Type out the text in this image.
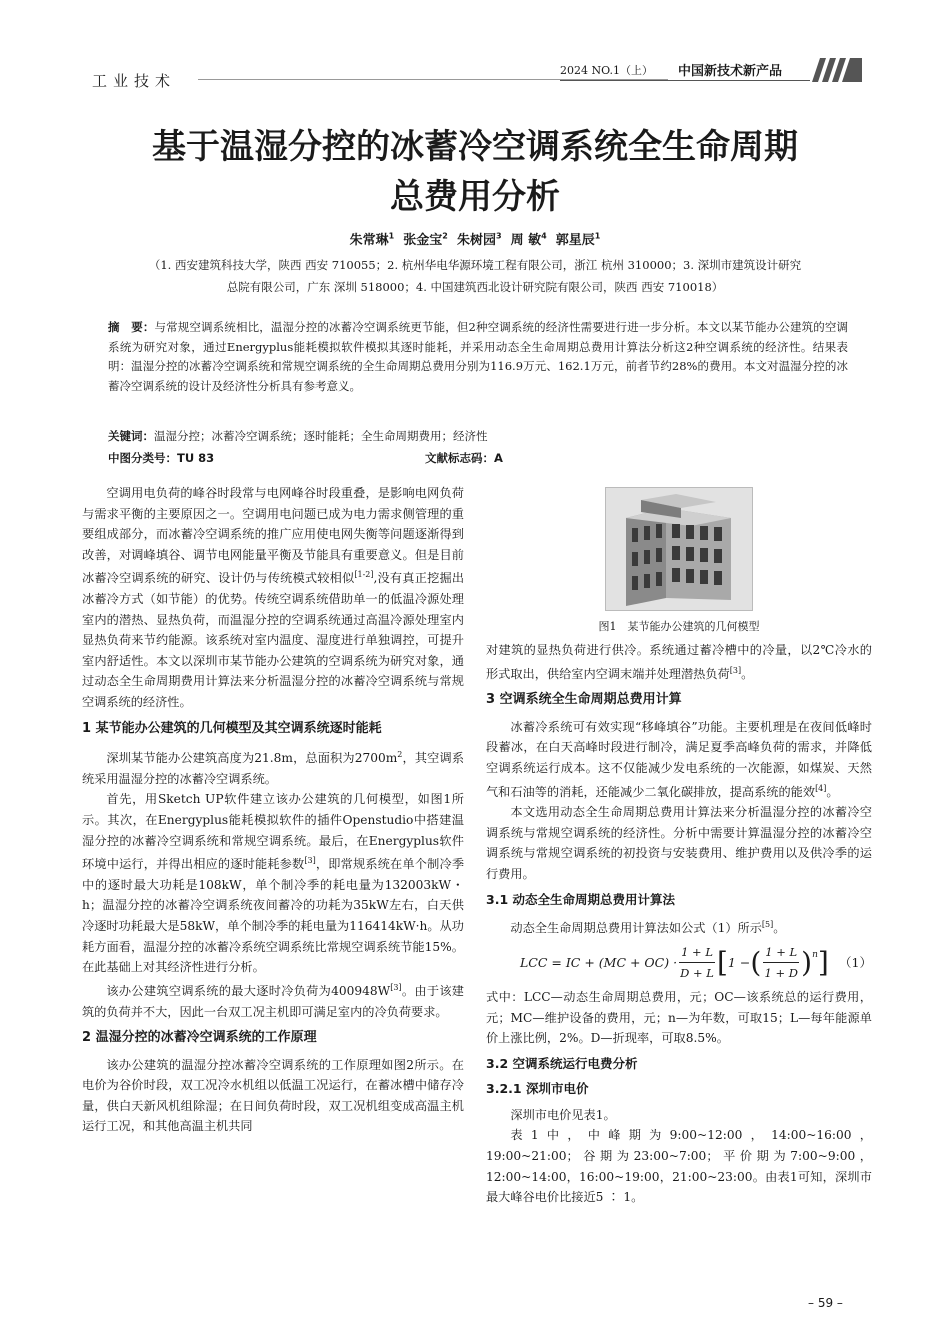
工业技术
2024 NO.1（上） 中国新技术新产品
基于温湿分控的冰蓄冷空调系统全生命周期
总费用分析
朱常琳$^1$ 张金宝$^2$ 朱树园$^3$ 周 敏$^4$ 郭星辰$^1$
（1. 西安建筑科技大学，陕西 西安 710055；2. 杭州华电华源环境工程有限公司，浙江 杭州 310000；3. 深圳市建筑设计研究
总院有限公司，广东 深圳 518000；4. 中国建筑西北设计研究院有限公司，陕西 西安 710018）
摘　要：与常规空调系统相比，温湿分控的冰蓄冷空调系统更节能，但2种空调系统的经济性需要进行进一步分析。本文以某节能办公建筑的空调系统为研究对象，通过Energyplus能耗模拟软件模拟其逐时能耗，并采用动态全生命周期总费用计算法分析这2种空调系统的经济性。结果表明：温湿分控的冰蓄冷空调系统和常规空调系统的全生命周期总费用分别为116.9万元、162.1万元，前者节约28%的费用。本文对温湿分控的冰蓄冷空调系统的设计及经济性分析具有参考意义。
关键词：温湿分控；冰蓄冷空调系统；逐时能耗；全生命周期费用；经济性
中图分类号：TU 83	文献标志码：A

空调用电负荷的峰谷时段常与电网峰谷时段重叠，是影响电网负荷与需求平衡的主要原因之一。空调用电问题已成为电力需求侧管理的重要组成部分，而冰蓄冷空调系统的推广应用使电网失衡等问题逐渐得到改善，对调峰填谷、调节电网能量平衡及节能具有重要意义。但是目前冰蓄冷空调系统的研究、设计仍与传统模式较相似[1-2],没有真正挖掘出冰蓄冷方式（如节能）的优势。传统空调系统借助单一的低温冷源处理室内的潜热、显热负荷，而温湿分控的空调系统通过高温冷源处理室内显热负荷来节约能源。该系统对室内温度、湿度进行单独调控，可提升室内舒适性。本文以深圳市某节能办公建筑的空调系统为研究对象，通过动态全生命周期费用计算法来分析温湿分控的冰蓄冷空调系统与常规空调系统的经济性。

1 某节能办公建筑的几何模型及其空调系统逐时能耗

深圳某节能办公建筑高度为21.8m，总面积为$2700m^2$，其空调系统采用温湿分控的冰蓄冷空调系统。

首先，用Sketch UP软件建立该办公建筑的几何模型，如图1所示。其次，在Energyplus能耗模拟软件的插件Openstudio中搭建温湿分控的冰蓄冷空调系统和常规空调系统。最后，在Energyplus软件环境中运行，并得出相应的逐时能耗参数[3]，即常规系统在单个制冷季中的逐时最大功耗是108kW，单个制冷季的耗电量为132003kW・h；温湿分控的冰蓄冷空调系统夜间蓄冷的功耗为35kW左右，白天供冷逐时功耗最大是58kW，单个制冷季的耗电量为116414kW·h。从功耗方面看，温湿分控的冰蓄冷系统空调系统比常规空调系统节能15%。在此基础上对其经济性进行分析。

该办公建筑空调系统的最大逐时冷负荷为400948W[3]。由于该建筑的负荷并不大，因此一台双工况主机即可满足室内的冷负荷要求。

2 温湿分控的冰蓄冷空调系统的工作原理

该办公建筑的温湿分控冰蓄冷空调系统的工作原理如图2所示。在电价为谷价时段，双工况冷水机组以低温工况运行，在蓄冰槽中储存冷量，供白天新风机组除湿；在日间负荷时段，双工况机组变成高温主机运行工况，和其他高温主机共同

图1　某节能办公建筑的几何模型

对建筑的显热负荷进行供冷。系统通过蓄冷槽中的冷量，以2℃冷水的形式取出，供给室内空调末端并处理潜热负荷[3]。

3 空调系统全生命周期总费用计算

冰蓄冷系统可有效实现“移峰填谷”功能。主要机理是在夜间低峰时段蓄冰，在白天高峰时段进行制冷，满足夏季高峰负荷的需求，并降低空调系统运行成本。这不仅能减少发电系统的一次能源，如煤炭、天然气和石油等的消耗，还能减少二氧化碳排放，提高系统的能效[4]。

本文选用动态全生命周期总费用计算法来分析温湿分控的冰蓄冷空调系统与常规空调系统的经济性。分析中需要计算温湿分控的冰蓄冷空调系统与常规空调系统的初投资与安装费用、维护费用以及供冷季的运行费用。

3.1 动态全生命周期总费用计算法

动态全生命周期总费用计算法如公式（1）所示[5]。

LCC = IC + $(MC + OC) \cdot \frac{1 + L}{D + L}$ [ 1 − ( $\frac{1 + L}{1 + D} )^n$ ] （1）

式中：LCC—动态生命周期总费用，元；OC—该系统总的运行费用，元；MC—维护设备的费用，元；n—为年数，可取15；L—每年能源单价上涨比例，2%。D—折现率，可取8.5%。

3.2 空调系统运行电费分析
3.2.1 深圳市电价

深圳市电价见表1。

表1中，中峰期为9:00~12:00，14:00~16:00，19:00~21:00；谷期为23:00~7:00；平价期为7:00~9:00，12:00~14:00，16:00~19:00，21:00~23:00。由表1可知，深圳市最大峰谷电价比接近5 ∶ 1。

– 59 –
